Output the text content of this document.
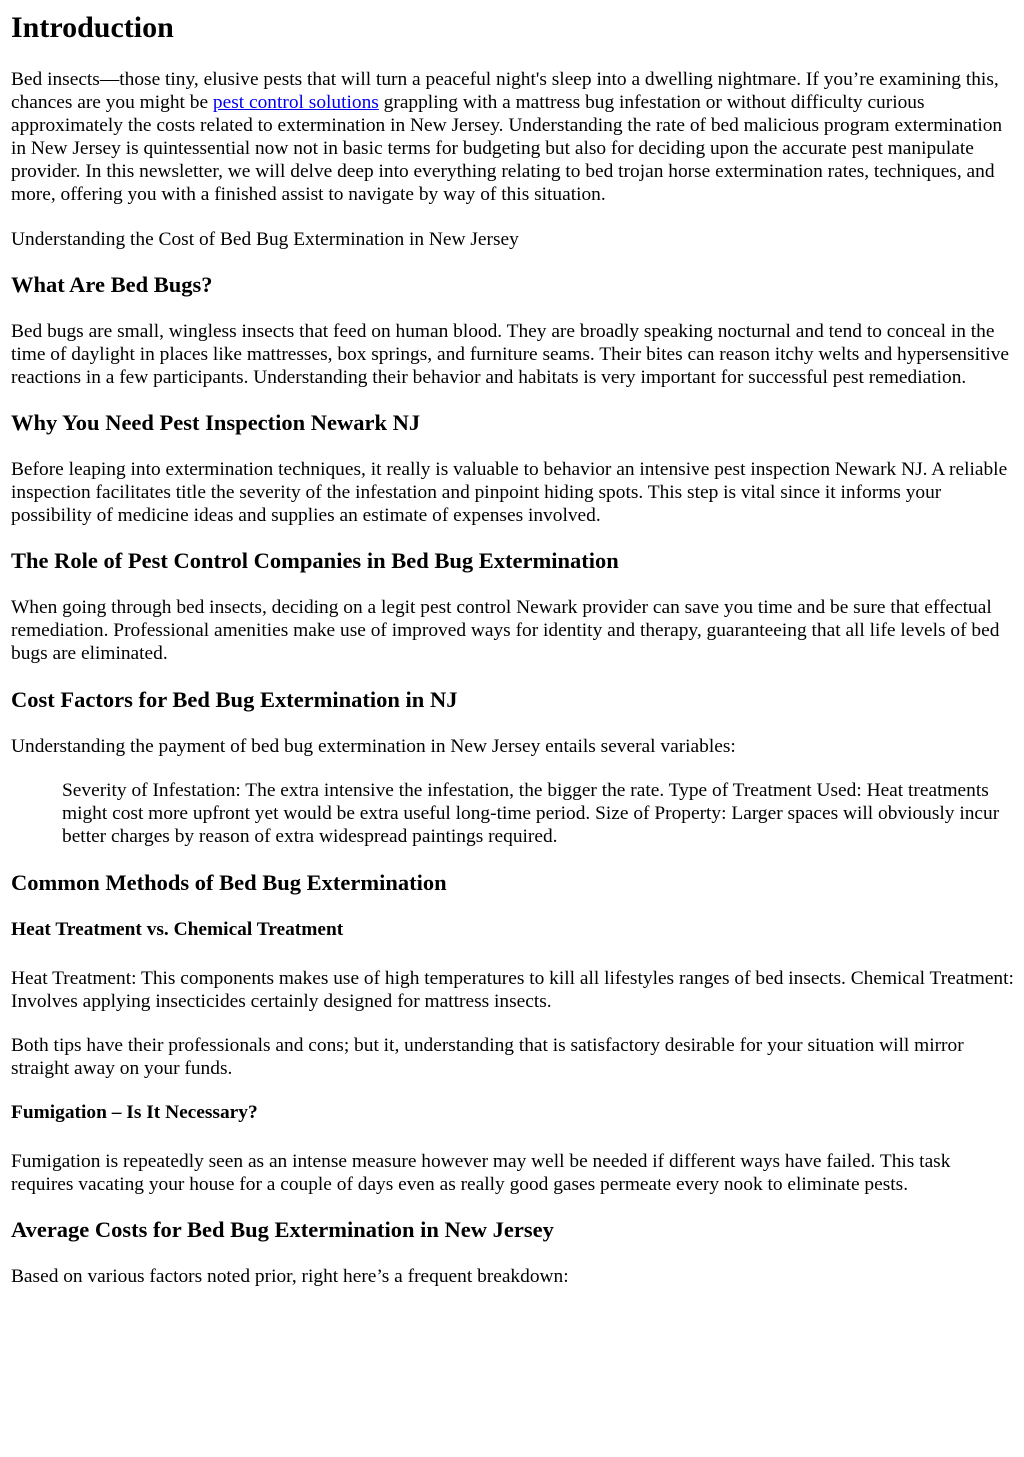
Introduction

Bed insects—those tiny, elusive pests that will turn a peaceful night's sleep into a dwelling nightmare. If you’re examining this, chances are you might be pest control solutions grappling with a mattress bug infestation or without difficulty curious approximately the costs related to extermination in New Jersey. Understanding the rate of bed malicious program extermination in New Jersey is quintessential now not in basic terms for budgeting but also for deciding upon the accurate pest manipulate provider. In this newsletter, we will delve deep into everything relating to bed trojan horse extermination rates, techniques, and more, offering you with a finished assist to navigate by way of this situation.

Understanding the Cost of Bed Bug Extermination in New Jersey

What Are Bed Bugs?

Bed bugs are small, wingless insects that feed on human blood. They are broadly speaking nocturnal and tend to conceal in the time of daylight in places like mattresses, box springs, and furniture seams. Their bites can reason itchy welts and hypersensitive reactions in a few participants. Understanding their behavior and habitats is very important for successful pest remediation.

Why You Need Pest Inspection Newark NJ

Before leaping into extermination techniques, it really is valuable to behavior an intensive pest inspection Newark NJ. A reliable inspection facilitates title the severity of the infestation and pinpoint hiding spots. This step is vital since it informs your possibility of medicine ideas and supplies an estimate of expenses involved.

The Role of Pest Control Companies in Bed Bug Extermination

When going through bed insects, deciding on a legit pest control Newark provider can save you time and be sure that effectual remediation. Professional amenities make use of improved ways for identity and therapy, guaranteeing that all life levels of bed bugs are eliminated.

Cost Factors for Bed Bug Extermination in NJ

Understanding the payment of bed bug extermination in New Jersey entails several variables:

Severity of Infestation: The extra intensive the infestation, the bigger the rate. Type of Treatment Used: Heat treatments might cost more upfront yet would be extra useful long-time period. Size of Property: Larger spaces will obviously incur better charges by reason of extra widespread paintings required.
Common Methods of Bed Bug Extermination
Heat Treatment vs. Chemical Treatment

Heat Treatment: This components makes use of high temperatures to kill all lifestyles ranges of bed insects. Chemical Treatment: Involves applying insecticides certainly designed for mattress insects.

Both tips have their professionals and cons; but it, understanding that is satisfactory desirable for your situation will mirror straight away on your funds.

Fumigation – Is It Necessary?

Fumigation is repeatedly seen as an intense measure however may well be needed if different ways have failed. This task requires vacating your house for a couple of days even as really good gases permeate every nook to eliminate pests.

Average Costs for Bed Bug Extermination in New Jersey

Based on various factors noted prior, right here’s a frequent breakdown:
